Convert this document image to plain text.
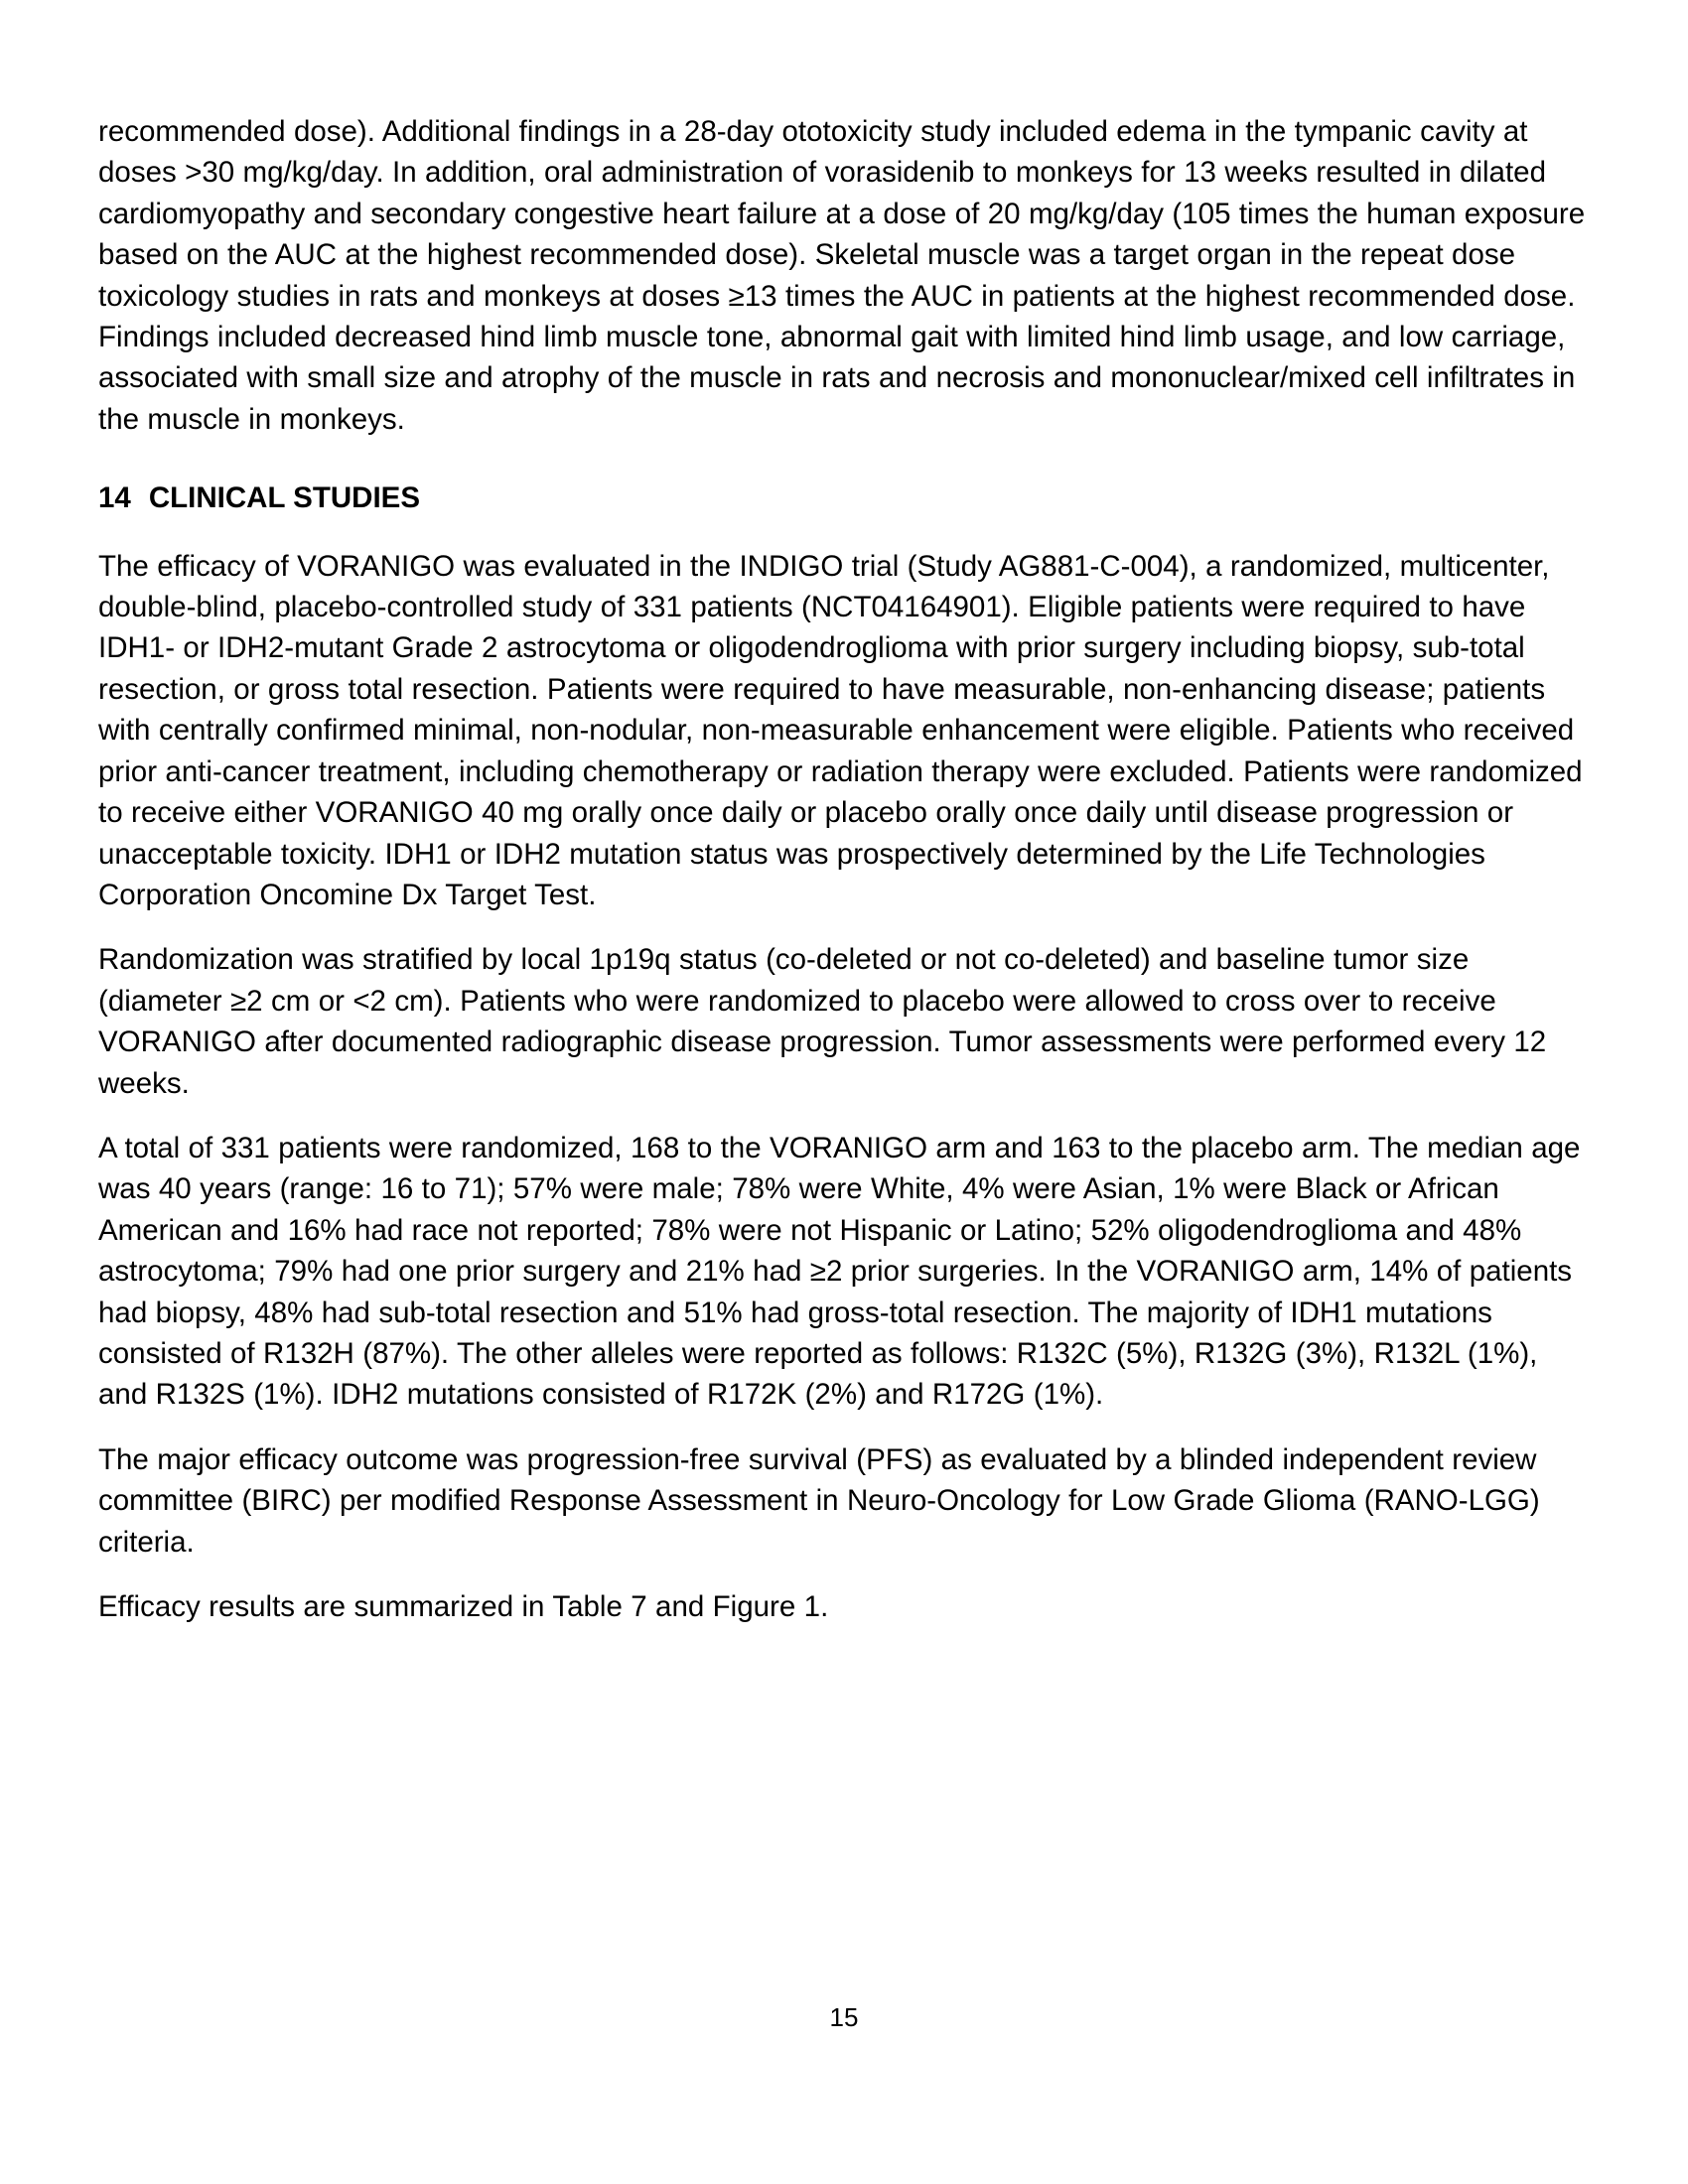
recommended dose). Additional findings in a 28-day ototoxicity study included edema in the tympanic cavity at doses >30 mg/kg/day. In addition, oral administration of vorasidenib to monkeys for 13 weeks resulted in dilated cardiomyopathy and secondary congestive heart failure at a dose of 20 mg/kg/day (105 times the human exposure based on the AUC at the highest recommended dose). Skeletal muscle was a target organ in the repeat dose toxicology studies in rats and monkeys at doses ≥13 times the AUC in patients at the highest recommended dose. Findings included decreased hind limb muscle tone, abnormal gait with limited hind limb usage, and low carriage, associated with small size and atrophy of the muscle in rats and necrosis and mononuclear/mixed cell infiltrates in the muscle in monkeys.

14 CLINICAL STUDIES

The efficacy of VORANIGO was evaluated in the INDIGO trial (Study AG881-C-004), a randomized, multicenter, double-blind, placebo-controlled study of 331 patients (NCT04164901). Eligible patients were required to have IDH1- or IDH2-mutant Grade 2 astrocytoma or oligodendroglioma with prior surgery including biopsy, sub-total resection, or gross total resection. Patients were required to have measurable, non-enhancing disease; patients with centrally confirmed minimal, non-nodular, non-measurable enhancement were eligible. Patients who received prior anti-cancer treatment, including chemotherapy or radiation therapy were excluded. Patients were randomized to receive either VORANIGO 40 mg orally once daily or placebo orally once daily until disease progression or unacceptable toxicity. IDH1 or IDH2 mutation status was prospectively determined by the Life Technologies Corporation Oncomine Dx Target Test.

Randomization was stratified by local 1p19q status (co-deleted or not co-deleted) and baseline tumor size (diameter ≥2 cm or <2 cm). Patients who were randomized to placebo were allowed to cross over to receive VORANIGO after documented radiographic disease progression. Tumor assessments were performed every 12 weeks.

A total of 331 patients were randomized, 168 to the VORANIGO arm and 163 to the placebo arm. The median age was 40 years (range: 16 to 71); 57% were male; 78% were White, 4% were Asian, 1% were Black or African American and 16% had race not reported; 78% were not Hispanic or Latino; 52% oligodendroglioma and 48% astrocytoma; 79% had one prior surgery and 21% had ≥2 prior surgeries. In the VORANIGO arm, 14% of patients had biopsy, 48% had sub-total resection and 51% had gross-total resection. The majority of IDH1 mutations consisted of R132H (87%). The other alleles were reported as follows: R132C (5%), R132G (3%), R132L (1%), and R132S (1%). IDH2 mutations consisted of R172K (2%) and R172G (1%).

The major efficacy outcome was progression-free survival (PFS) as evaluated by a blinded independent review committee (BIRC) per modified Response Assessment in Neuro-Oncology for Low Grade Glioma (RANO-LGG) criteria.

Efficacy results are summarized in Table 7 and Figure 1.

15
